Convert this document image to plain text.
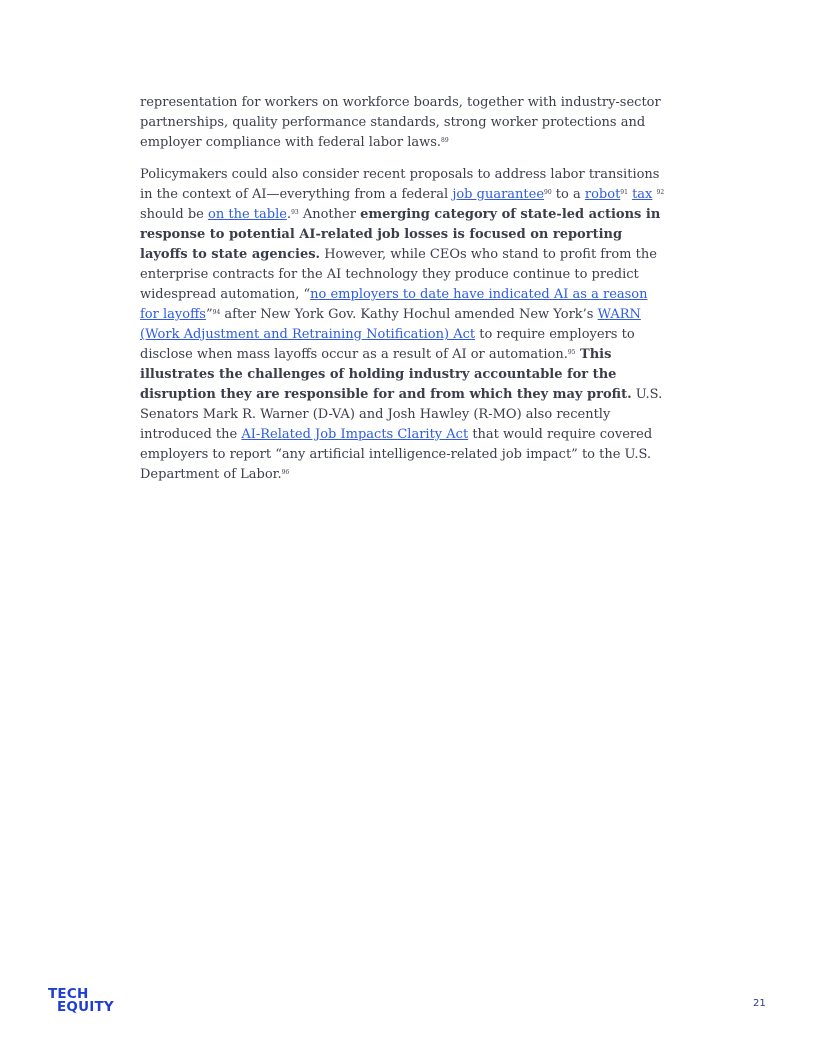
representation for workers on workforce boards, together with industry-sector partnerships, quality performance standards, strong worker protections and employer compliance with federal labor laws.$^{89}$

Policymakers could also consider recent proposals to address labor transitions in the context of AI—everything from a federal job guarantee$^{90}$ to a robot$^{91}$ tax $^{92}$ should be on the table.$^{93}$ Another emerging category of state-led actions in response to potential AI-related job losses is focused on reporting layoffs to state agencies. However, while CEOs who stand to profit from the enterprise contracts for the AI technology they produce continue to predict widespread automation, “no employers to date have indicated AI as a reason for layoffs”$^{94}$ after New York Gov. Kathy Hochul amended New York’s WARN (Work Adjustment and Retraining Notification) Act to require employers to disclose when mass layoffs occur as a result of AI or automation.$^{95}$ This illustrates the challenges of holding industry accountable for the disruption they are responsible for and from which they may profit. U.S. Senators Mark R. Warner (D-VA) and Josh Hawley (R-MO) also recently introduced the AI-Related Job Impacts Clarity Act that would require covered employers to report “any artificial intelligence-related job impact” to the U.S. Department of Labor.$^{96}$

TECH
EQUITY	21
